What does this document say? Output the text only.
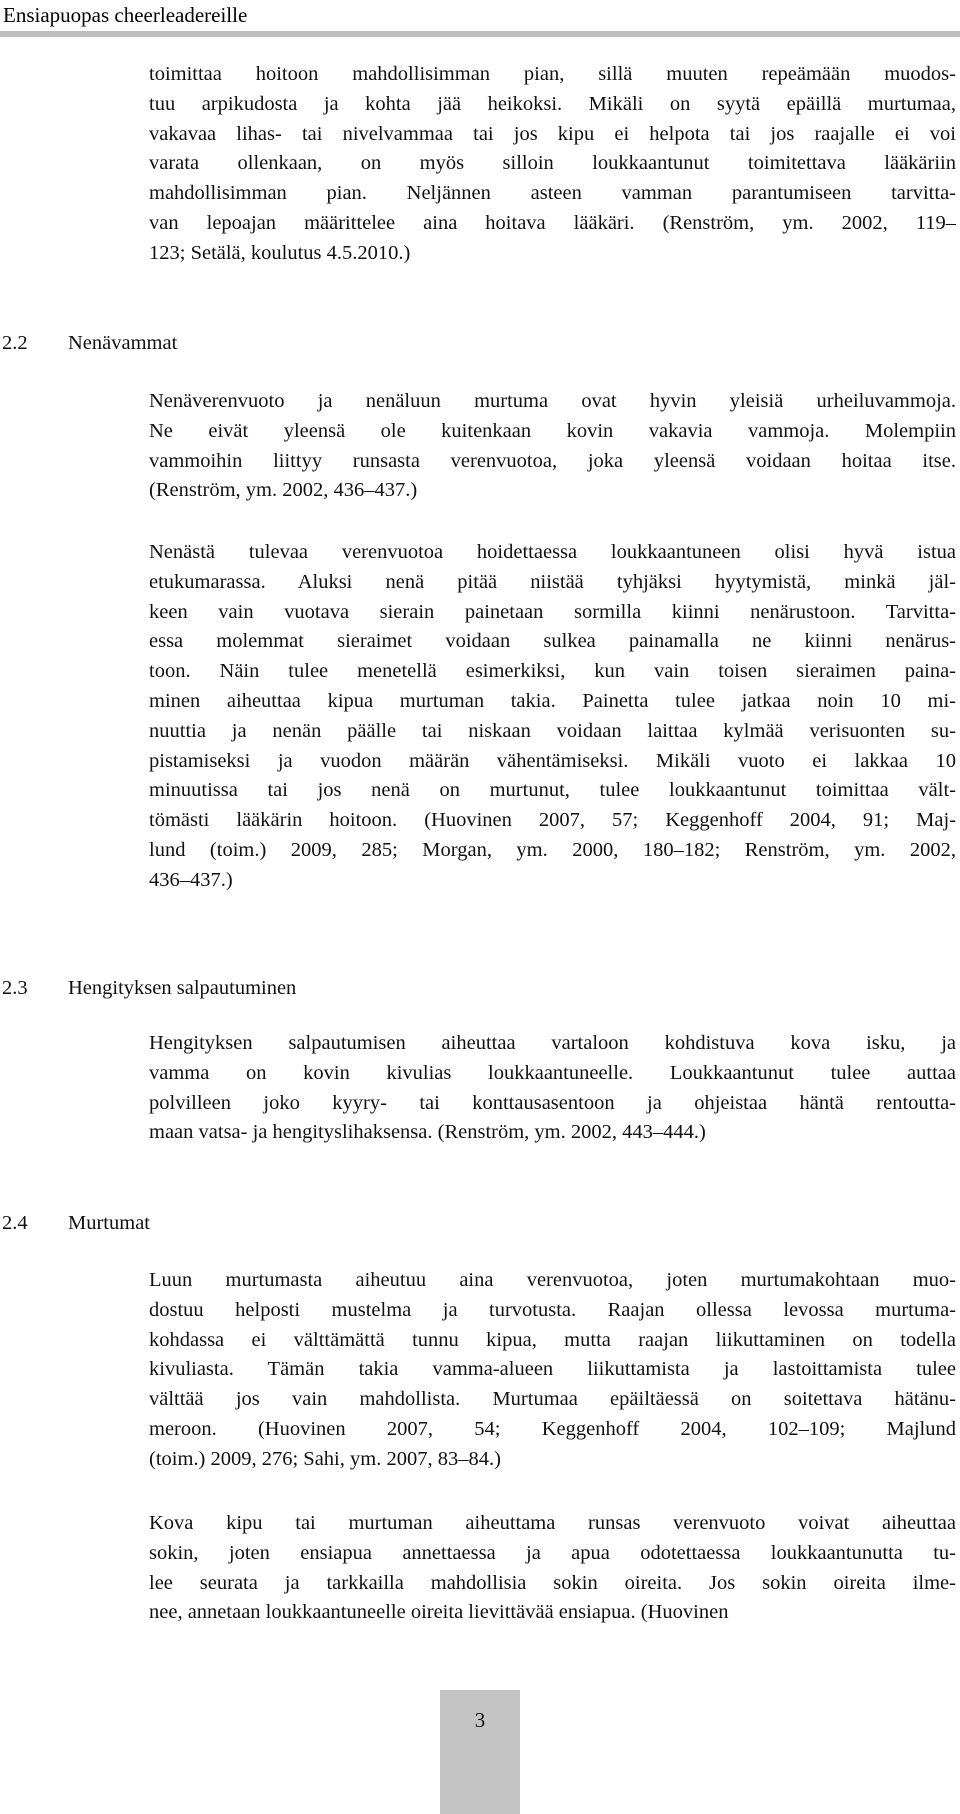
Ensiapuopas cheerleadereille
toimittaa hoitoon mahdollisimman pian, sillä muuten repeämään muodos-
tuu arpikudosta ja kohta jää heikoksi. Mikäli on syytä epäillä murtumaa,
vakavaa lihas- tai nivelvammaa tai jos kipu ei helpota tai jos raajalle ei voi
varata ollenkaan, on myös silloin loukkaantunut toimitettava lääkäriin
mahdollisimman pian. Neljännen asteen vamman parantumiseen tarvitta-
van lepoajan määrittelee aina hoitava lääkäri. (Renström, ym. 2002, 119–
123; Setälä, koulutus 4.5.2010.)
2.2 Nenävammat
Nenäverenvuoto ja nenäluun murtuma ovat hyvin yleisiä urheiluvammoja.
Ne eivät yleensä ole kuitenkaan kovin vakavia vammoja. Molempiin
vammoihin liittyy runsasta verenvuotoa, joka yleensä voidaan hoitaa itse.
(Renström, ym. 2002, 436–437.)
Nenästä tulevaa verenvuotoa hoidettaessa loukkaantuneen olisi hyvä istua
etukumarassa. Aluksi nenä pitää niistää tyhjäksi hyytymistä, minkä jäl-
keen vain vuotava sierain painetaan sormilla kiinni nenärustoon. Tarvitta-
essa molemmat sieraimet voidaan sulkea painamalla ne kiinni nenärus-
toon. Näin tulee menetellä esimerkiksi, kun vain toisen sieraimen paina-
minen aiheuttaa kipua murtuman takia. Painetta tulee jatkaa noin 10 mi-
nuuttia ja nenän päälle tai niskaan voidaan laittaa kylmää verisuonten su-
pistamiseksi ja vuodon määrän vähentämiseksi. Mikäli vuoto ei lakkaa 10
minuutissa tai jos nenä on murtunut, tulee loukkaantunut toimittaa vält-
tömästi lääkärin hoitoon. (Huovinen 2007, 57; Keggenhoff 2004, 91; Maj-
lund (toim.) 2009, 285; Morgan, ym. 2000, 180–182; Renström, ym. 2002,
436–437.)
2.3 Hengityksen salpautuminen
Hengityksen salpautumisen aiheuttaa vartaloon kohdistuva kova isku, ja
vamma on kovin kivulias loukkaantuneelle. Loukkaantunut tulee auttaa
polvilleen joko kyyry- tai konttausasentoon ja ohjeistaa häntä rentoutta-
maan vatsa- ja hengityslihaksensa. (Renström, ym. 2002, 443–444.)
2.4 Murtumat
Luun murtumasta aiheutuu aina verenvuotoa, joten murtumakohtaan muo-
dostuu helposti mustelma ja turvotusta. Raajan ollessa levossa murtuma-
kohdassa ei välttämättä tunnu kipua, mutta raajan liikuttaminen on todella
kivuliasta. Tämän takia vamma-alueen liikuttamista ja lastoittamista tulee
välttää jos vain mahdollista. Murtumaa epäiltäessä on soitettava hätänu-
meroon. (Huovinen 2007, 54; Keggenhoff 2004, 102–109; Majlund
(toim.) 2009, 276; Sahi, ym. 2007, 83–84.)
Kova kipu tai murtuman aiheuttama runsas verenvuoto voivat aiheuttaa
sokin, joten ensiapua annettaessa ja apua odotettaessa loukkaantunutta tu-
lee seurata ja tarkkailla mahdollisia sokin oireita. Jos sokin oireita ilme-
nee, annetaan loukkaantuneelle oireita lievittävää ensiapua. (Huovinen
3
